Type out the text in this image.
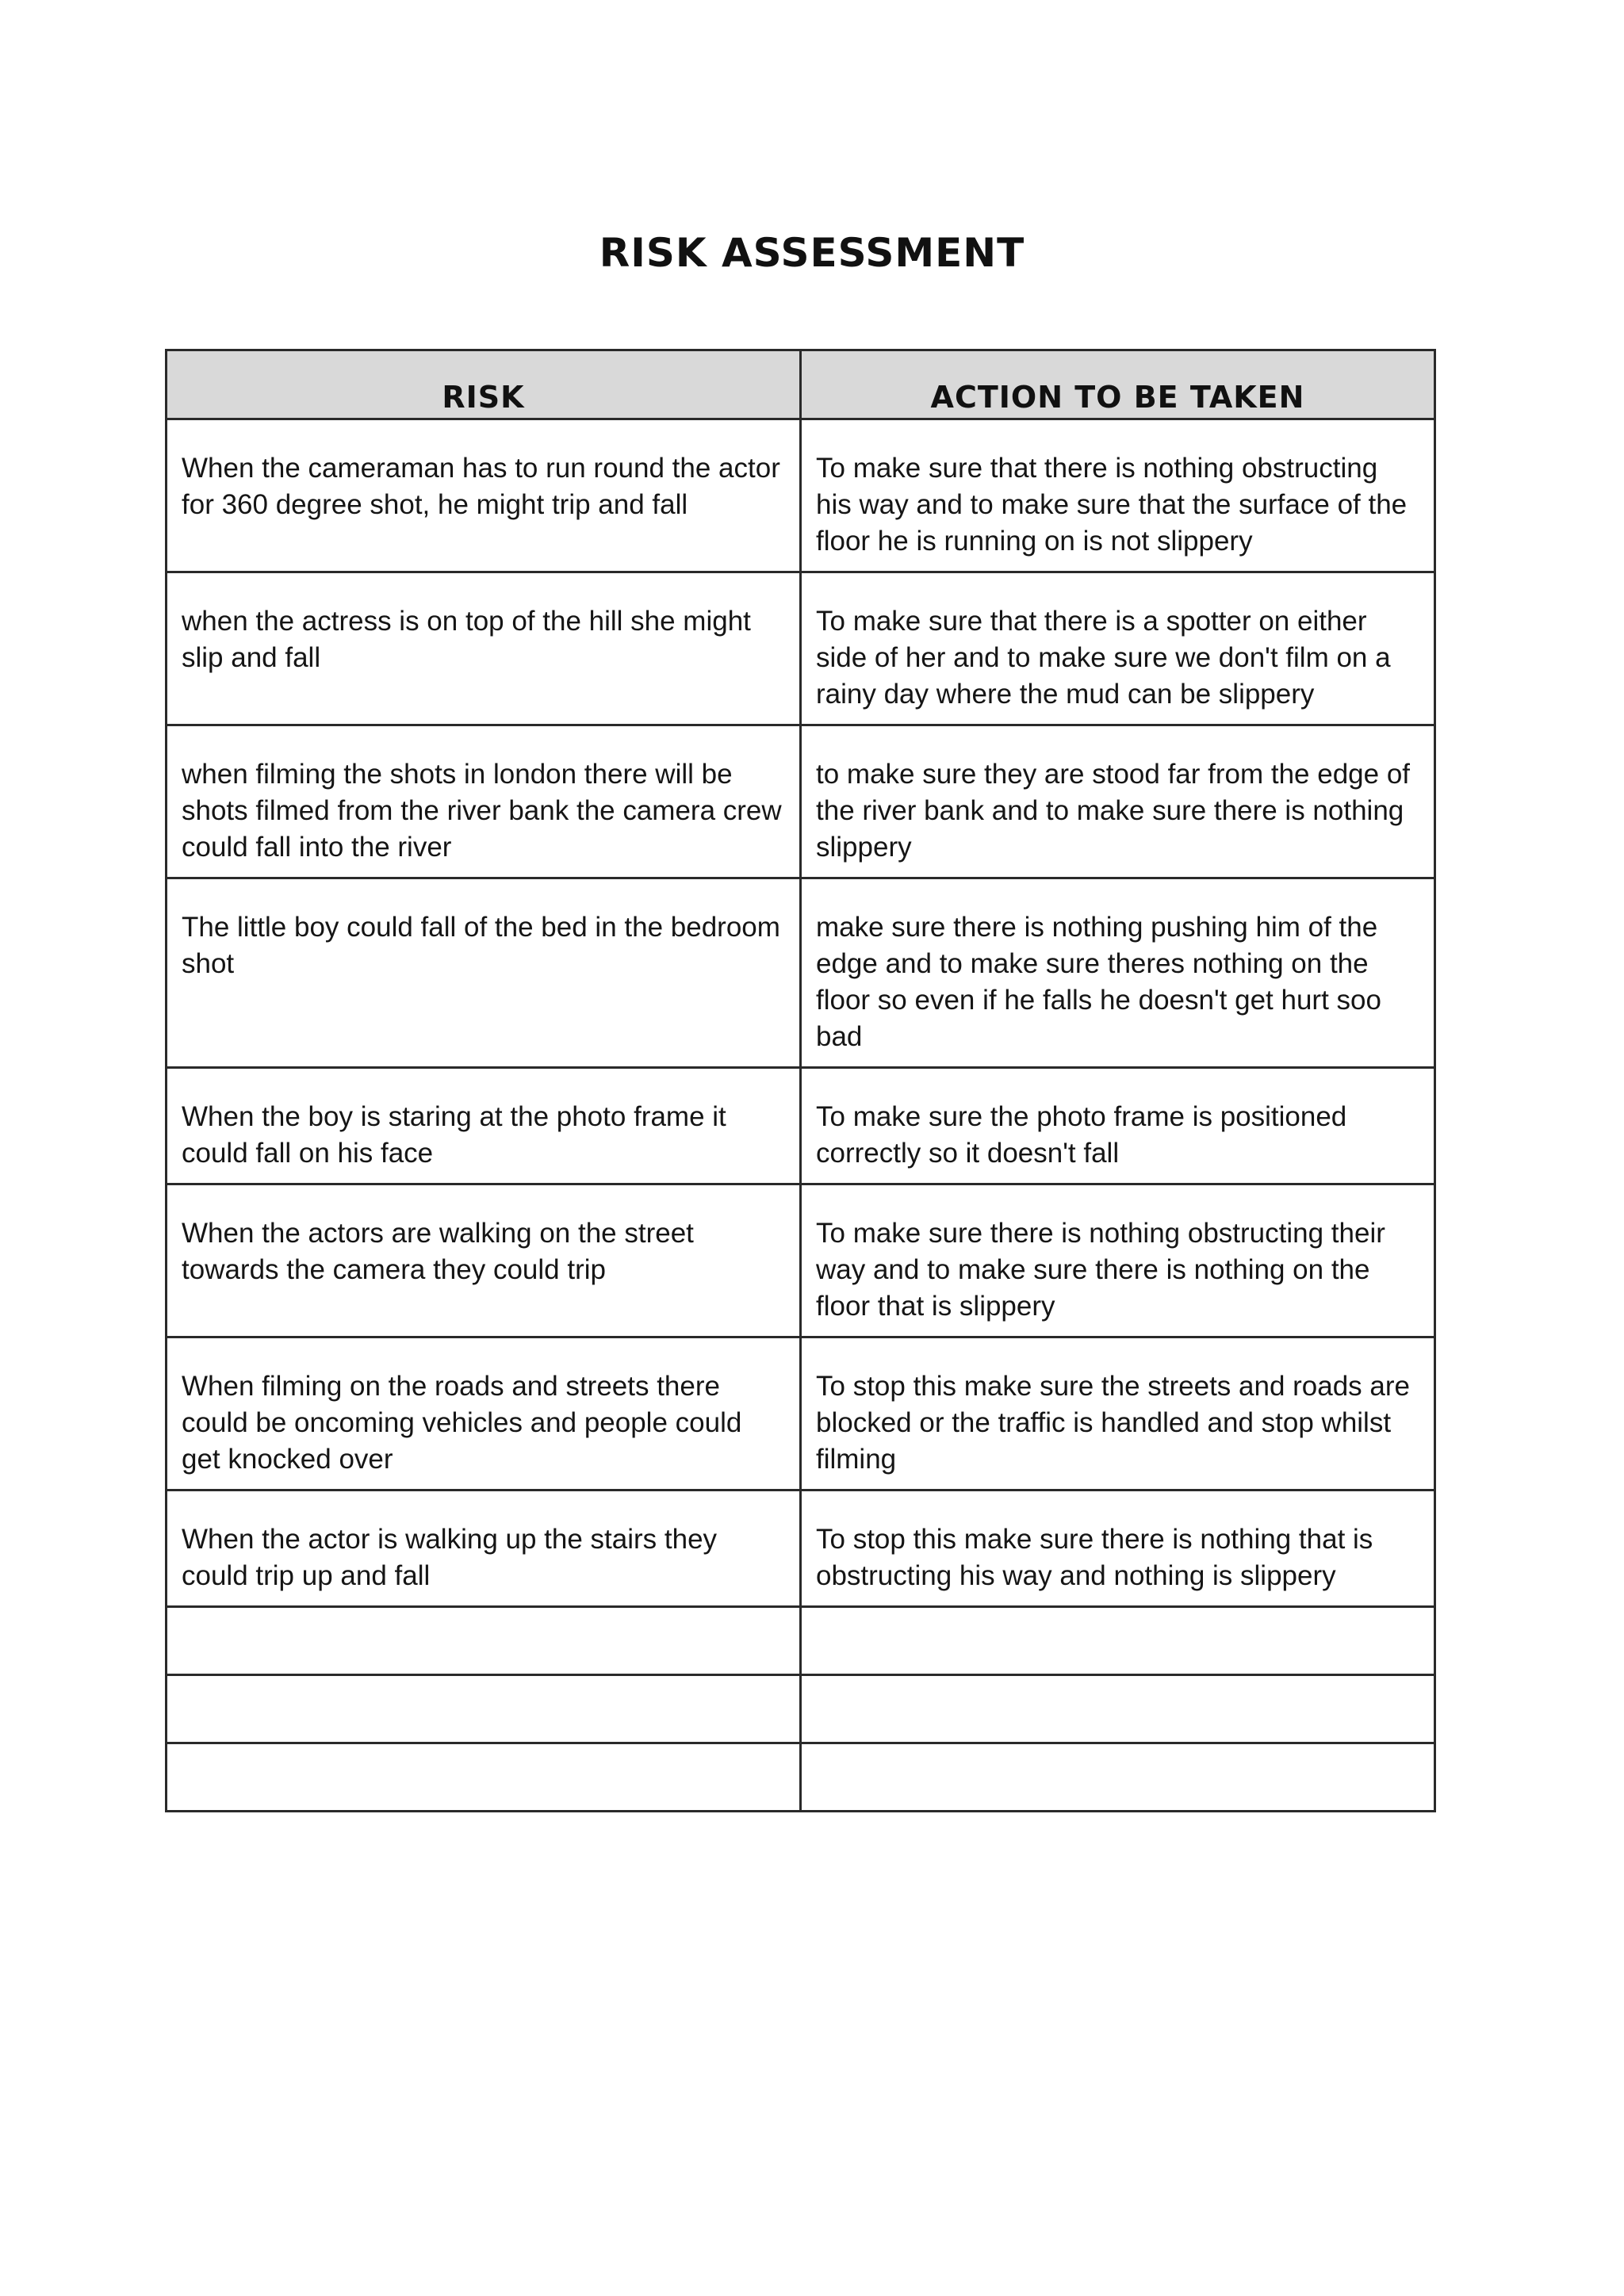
RISK ASSESSMENT
RISK	ACTION TO BE TAKEN

When the cameraman has to run round the actor for 360 degree shot, he might trip and fall	To make sure that there is nothing obstructing his way and to make sure that the surface of the floor he is running on is not slippery
when the actress is on top of the hill she might slip and fall	To make sure that there is a spotter on either side of her and to make sure we don't film on a rainy day where the mud can be slippery
when filming the shots in london there will be shots filmed from the river bank the camera crew could fall into the river	to make sure they are stood far from the edge of the river bank and to make sure there is nothing slippery
The little boy could fall of the bed in the bedroom shot	make sure there is nothing pushing him of the edge and to make sure theres nothing on the floor so even if he falls he doesn't get hurt soo bad
When the boy is staring at the photo frame it could fall on his face	To make sure the photo frame is positioned correctly so it doesn't fall
When the actors are walking on the street towards the camera they could trip	To make sure there is nothing obstructing their way and to make sure there is nothing on the floor that is slippery
When filming on the roads and streets there could be oncoming vehicles and people could get knocked over	To stop this make sure the streets and roads are blocked or the traffic is handled and stop whilst filming
When the actor is walking up the stairs they could trip up and fall	To stop this make sure there is nothing that is obstructing his way and nothing is slippery
